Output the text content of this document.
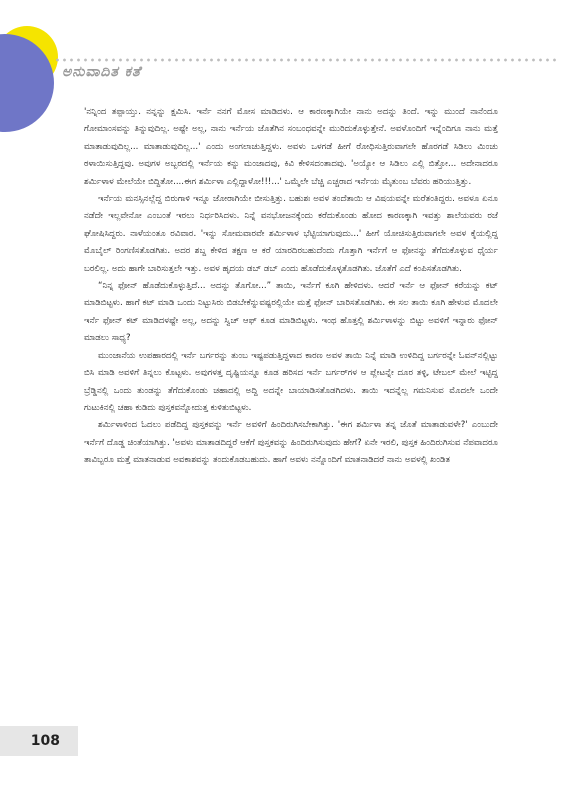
ಅನುವಾದಿತ ಕತೆ

'ನನ್ನಿಂದ ತಪ್ಪಾಯ್ತು. ನನ್ನನ್ನು ಕ್ಷಮಿಸಿ. ಇರ್ನೆ ನನಗೆ ಮೋಸ ಮಾಡಿದಳು. ಆ ಕಾರಣಕ್ಕಾಗಿಯೇ ನಾನು ಅದನ್ನು ತಿಂದೆ. ಇನ್ನು ಮುಂದೆ ನಾನೆಂದೂ ಗೋಮಾಂಸವನ್ನು ತಿನ್ನುವುದಿಲ್ಲ. ಅಷ್ಟೇ ಅಲ್ಲ, ನಾನು ಇರ್ನೆಯ ಜೊತೆಗಿನ ಸಂಬಂಧವನ್ನೇ ಮುರಿದುಕೊಳ್ಳುತ್ತೇನೆ. ಅವಳೊಂದಿಗೆ ಇನ್ನೆಂದಿಗೂ ನಾನು ಮತ್ತೆ ಮಾತಾಡುವುದಿಲ್ಲ... ಮಾತಾಡುವುದಿಲ್ಲ...' ಎಂದು ಅಂಗಲಾಚುತ್ತಿದ್ದಳು. ಅವಳು ಒಳಗಡೆ ಹೀಗೆ ರೋಧಿಸುತ್ತಿರುವಾಗಲೇ ಹೊರಗಡೆ ಸಿಡಿಲು ಮಿಂಚು ಠಳಾಯಿಸುತ್ತಿದ್ದವು. ಅವುಗಳ ಅಬ್ಬರದಲ್ಲಿ ಇರ್ನೆಯ ಕನ್ನು ಮಂಜಾದವು, ಕಿವಿ ಕೇಳಿಸದಂತಾದವು. 'ಅಯ್ಯೋ ಆ ಸಿಡಿಲು ಎಲ್ಲಿ ಬಿತ್ತೋ... ಅದೇನಾದರೂ ಶರ್ಮಿಳಾಳ ಮೇಲೆಯೇ ಬಿದ್ದಿತೋ....ಈಗ ಶರ್ಮಿಳಾ ಎಲ್ಲಿದ್ದಾಳೋ!!!...' ಒಮ್ಮೆಲೇ ಬೆಚ್ಚಿ ಎಚ್ಚರಾದ ಇರ್ನೆಯ ಮೈತುಂಬ ಬೆವರು ಹರಿಯುತ್ತಿತ್ತು.

ಇರ್ನೆಯ ಮನಸ್ಸಿನಲ್ಲೆದ್ದ ಬಿರುಗಾಳಿ ಇನ್ನೂ ಜೋರಾಗಿಯೇ ಬೀಸುತ್ತಿತ್ತು. ಬಹುಶಃ ಅವಳ ತಂದೆತಾಯಿ ಆ ವಿಷಯವನ್ನೇ ಮರೆತಂತಿದ್ದರು. ಅವಳೂ ಏನೂ ನಡೆದೇ ಇಲ್ಲವೇನೋ ಎಂಬಂತೆ ಇರಲು ನಿರ್ಧರಿಸಿದಳು. ನಿನ್ನೆ ವನಭೋಜನಕ್ಕೆಂದು ಕರೆದುಕೊಂಡು ಹೋದ ಕಾರಣಕ್ಕಾಗಿ ಇವತ್ತು ಶಾಲೆಯವರು ರಜೆ ಘೋಷಿಸಿದ್ದರು. ನಾಳೆಯಂತೂ ರವಿವಾರ. 'ಇನ್ನು ಸೋಮವಾರವೇ ಶರ್ಮಿಳಾಳ ಭೆಟ್ಟಿಯಾಗುವುದು...' ಹೀಗೆ ಯೋಚಿಸುತ್ತಿರುವಾಗಲೇ ಅವಳ ಕೈಯಲ್ಲಿದ್ದ ಮೊಬೈಲ್ ರಿಂಗಣಿಸತೊಡಗಿತು. ಅದರ ಶಬ್ದ ಕೇಳಿದ ತಕ್ಷಣ ಆ ಕರೆ ಯಾರದಿರಬಹುದೆಂದು ಗೊತ್ತಾಗಿ ಇರ್ನೆಗೆ ಆ ಫೋನನ್ನು ತೆಗೆದುಕೊಳ್ಳುವ ಧೈರ್ಯ ಬರಲಿಲ್ಲ. ಅದು ಹಾಗೇ ಬಾರಿಸುತ್ತಲೇ ಇತ್ತು. ಅವಳ ಹೃದಯ ಡಬ್ ಡಬ್ ಎಂದು ಹೊಡೆದುಕೊಳ್ಳತೊಡಗಿತು. ಜೊತೆಗೆ ಎದೆ ಕಂಪಿಸತೊಡಗಿತು.

“ನಿನ್ನ ಫೋನ್ ಹೊಡೆದುಕೊಳ್ಳುತ್ತಿದೆ... ಅದನ್ನು ತೊಗೋ...” ತಾಯಿ, ಇರ್ನೆಗೆ ಕೂಗಿ ಹೇಳಿದಳು. ಆದರೆ ಇರ್ನೆ ಆ ಫೋನ್ ಕರೆಯನ್ನು ಕಟ್ ಮಾಡಿಬಿಟ್ಟಳು. ಹಾಗೆ ಕಟ್ ಮಾಡಿ ಒಂದು ನಿಟ್ಟುಸಿರು ಬಿಡಬೇಕೆನ್ನುವಷ್ಟರಲ್ಲಿಯೇ ಮತ್ತೆ ಫೋನ್ ಬಾರಿಸತೊಡಗಿತು. ಈ ಸಲ ತಾಯಿ ಕೂಗಿ ಹೇಳುವ ಮೊದಲೇ ಇರ್ನೆ ಫೋನ್ ಕಟ್ ಮಾಡಿದಳಷ್ಟೇ ಅಲ್ಲ, ಅದನ್ನು ಸ್ವಿಚ್ ಆಫ್ ಕೂಡ ಮಾಡಿಬಿಟ್ಟಳು. ಇಂಥ ಹೊತ್ತಲ್ಲಿ ಶರ್ಮಿಳಾಳನ್ನು ಬಿಟ್ಟು ಅವಳಿಗೆ ಇನ್ನಾರು ಫೋನ್ ಮಾಡಲು ಸಾಧ್ಯ?

ಮುಂಜಾನೆಯ ಉಪಹಾರದಲ್ಲಿ ಇರ್ನೆ ಬರ್ಗರನ್ನು ತುಂಬ ಇಷ್ಟಪಡುತ್ತಿದ್ದಳಾದ ಕಾರಣ ಅವಳ ತಾಯಿ ನಿನ್ನೆ ಮಾಡಿ ಉಳಿದಿದ್ದ ಬರ್ಗರನ್ನೇ ಓವನ್‌ನಲ್ಲಿಟ್ಟು ಬಿಸಿ ಮಾಡಿ ಅವಳಿಗೆ ತಿನ್ನಲು ಕೊಟ್ಟಳು. ಅವುಗಳತ್ತ ದೃಷ್ಟಿಯನ್ನೂ ಕೂಡ ಹರಿಸದ ಇರ್ನೆ ಬರ್ಗರ್‌ಗಳ ಆ ಪ್ಲೇಟನ್ನೇ ದೂರ ತಳ್ಳಿ, ಟೇಬಲ್ ಮೇಲೆ ಇಟ್ಟಿದ್ದ ಬ್ರೆಡ್ಡಿನಲ್ಲಿ ಒಂದು ತುಂಡನ್ನು ತೆಗೆದುಕೊಂಡು ಚಹಾದಲ್ಲಿ ಅದ್ದಿ ಅದನ್ನೇ ಬಾಯಾಡಿಸತೊಡಗಿದಳು. ತಾಯಿ ಇದನ್ನೆಲ್ಲ ಗಮನಿಸುವ ಮೊದಲೇ ಒಂದೇ ಗುಟುಕಿನಲ್ಲಿ ಚಹಾ ಕುಡಿದು ಪುಸ್ತಕವನ್ನೋದುತ್ತ ಕುಳಿತುಬಿಟ್ಟಳು.

ಶರ್ಮಿಳಾಳಿಂದ ಓದಲು ಪಡೆದಿದ್ದ ಪುಸ್ತಕವನ್ನು ಇರ್ನೆ ಅವಳಿಗೆ ಹಿಂದಿರುಗಿಸಬೇಕಾಗಿತ್ತು. 'ಈಗ ಶರ್ಮಿಳಾ ತನ್ನ ಜೊತೆ ಮಾತಾಡುವಳೇ?' ಎಂಬುದೇ ಇರ್ನೆಗೆ ದೊಡ್ಡ ಚಿಂತೆಯಾಗಿತ್ತು. 'ಅವಳು ಮಾತಾಡದಿದ್ದರೆ ಆಕೆಗೆ ಪುಸ್ತಕವನ್ನು ಹಿಂದಿರುಗಿಸುವುದು ಹೇಗೆ? ಏನೇ ಇರಲಿ, ಪುಸ್ತಕ ಹಿಂದಿರುಗಿಸುವ ನೆಪವಾದರೂ ತಾವಿಬ್ಬರೂ ಮತ್ತೆ ಮಾತನಾಡುವ ಅವಕಾಶವನ್ನು ತಂದುಕೊಡಬಹುದು. ಹಾಗೆ ಅವಳು ನನ್ನೊಂದಿಗೆ ಮಾತನಾಡಿದರೆ ನಾನು ಅವಳಲ್ಲಿ ಖಂಡಿತ

108
